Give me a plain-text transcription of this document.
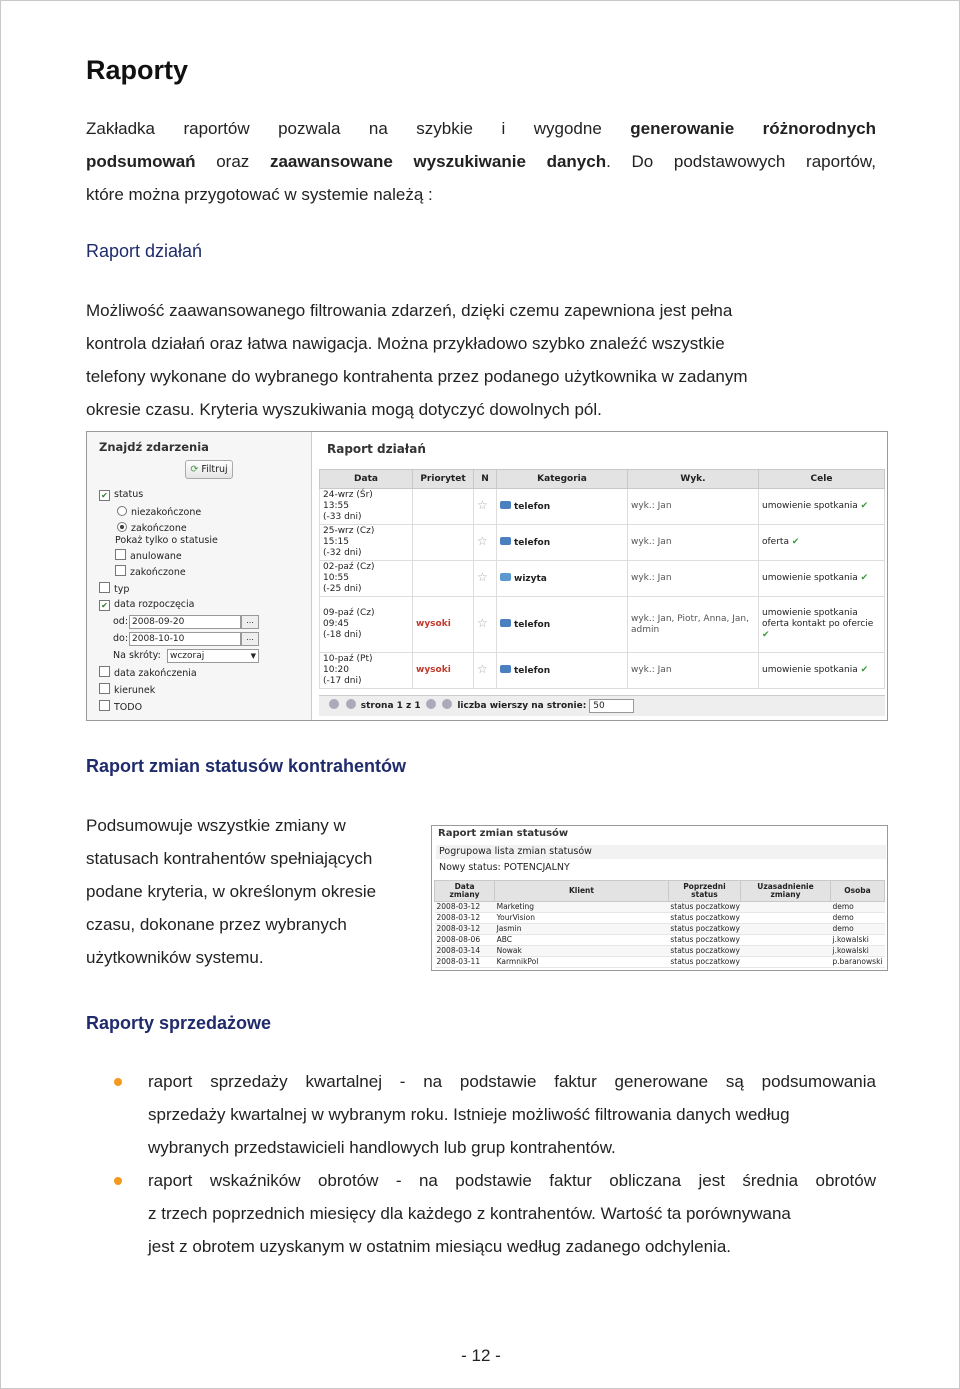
Raporty
Zakładka raportów pozwala na szybkie i wygodne generowanie różnorodnych
podsumowań oraz zaawansowane wyszukiwanie danych. Do podstawowych raportów,
które można przygotować w systemie należą :
Raport działań
Możliwość zaawansowanego filtrowania zdarzeń, dzięki czemu zapewniona jest pełna
kontrola działań oraz łatwa nawigacja. Można przykładowo szybko znaleźć wszystkie
telefony wykonane do wybranego kontrahenta przez podanego użytkownika w zadanym
okresie czasu. Kryteria wyszukiwania mogą dotyczyć dowolnych pól.
Znajdź zdarzenia
⟳ Filtruj
✔ status
niezakończone
zakończone
Pokaż tylko o statusie
anulowane
zakończone
typ
✔ data rozpoczęcia
od: 2008-09-20	...
do: 2008-10-10	...
Na skróty:	wczoraj	▼
data zakończenia
kierunek
TODO
Raport działań
Data	Priorytet	N	Kategoria	Wyk.	Cele
24-wrz (Śr)
13:55
(-33 dni)		☆	telefon	wyk.: Jan	umowienie spotkania ✔
25-wrz (Cz)
15:15
(-32 dni)		☆	telefon	wyk.: Jan	oferta ✔
02-paź (Cz)
10:55
(-25 dni)		☆	wizyta	wyk.: Jan	umowienie spotkania ✔
09-paź (Cz)
09:45
(-18 dni)	wysoki	☆	telefon	wyk.: Jan, Piotr, Anna, Jan, admin	umowienie spotkania oferta kontakt po ofercie ✔
10-paź (Pt)
10:20
(-17 dni)	wysoki	☆	telefon	wyk.: Jan	umowienie spotkania ✔
strona 1 z 1	liczba wierszy na stronie: 50
Raport zmian statusów kontrahentów
Podsumowuje wszystkie zmiany w
statusach kontrahentów spełniających
podane kryteria, w określonym okresie
czasu, dokonane przez wybranych
użytkowników systemu.
Raport zmian statusów
Pogrupowa lista zmian statusów
Nowy status: POTENCJALNY
Data
zmiany	Klient	Poprzedni status	Uzasadnienie zmiany	Osoba
2008-03-12	Marketing	status poczatkowy		demo
2008-03-12	YourVision	status poczatkowy		demo
2008-03-12	Jasmin	status poczatkowy		demo
2008-08-06	ABC	status poczatkowy		j.kowalski
2008-03-14	Nowak	status poczatkowy		j.kowalski
2008-03-11	KarmnikPol	status poczatkowy		p.baranowski
Raporty sprzedażowe
raport sprzedaży kwartalnej - na podstawie faktur generowane są podsumowania
sprzedaży kwartalnej w wybranym roku. Istnieje możliwość filtrowania danych według
wybranych przedstawicieli handlowych lub grup kontrahentów.
raport wskaźników obrotów - na podstawie faktur obliczana jest średnia obrotów
z trzech poprzednich miesięcy dla każdego z kontrahentów. Wartość ta porównywana
jest z obrotem uzyskanym w ostatnim miesiącu według zadanego odchylenia.
- 12 -
